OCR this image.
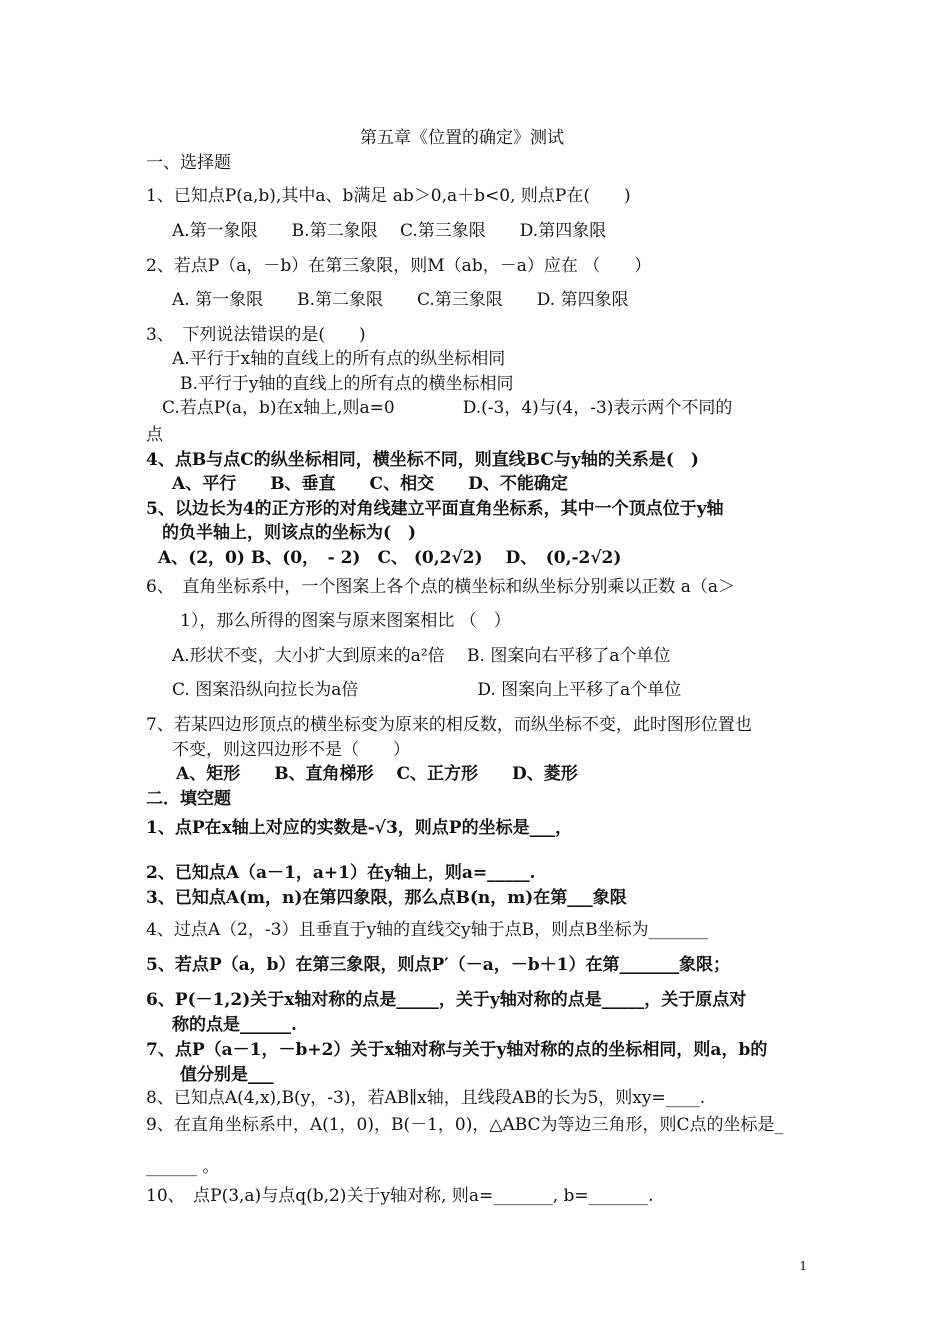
第五章《位置的确定》测试
一、选择题
1、已知点P(a,b),其中a、b满足 ab＞0,a＋b<0, 则点P在(　　)
A.第一象限　　B.第二象限　 C.第三象限　　D.第四象限
2、若点P（a，－b）在第三象限，则M（ab，－a）应在 （　　）
A. 第一象限　　B.第二象限　　C.第三象限　　D. 第四象限
3、　下列说法错误的是(　　)
A.平行于x轴的直线上的所有点的纵坐标相同
B.平行于y轴的直线上的所有点的横坐标相同
C.若点P(a，b)在x轴上,则a=0　　　　D.(-3，4)与(4，-3)表示两个不同的
点
4、点B与点C的纵坐标相同，横坐标不同，则直线BC与y轴的关系是(　)
A、平行　　B、垂直　　C、相交　　D、不能确定
5、以边长为4的正方形的对角线建立平面直角坐标系，其中一个顶点位于y轴
的负半轴上，则该点的坐标为(　)
A、(2，0) B、(0，　- 2)　C、 (0,2√2)　 D、　(0,-2√2)
6、　直角坐标系中，一个图案上各个点的横坐标和纵坐标分别乘以正数 a（a＞
1），那么所得的图案与原来图案相比 （　）
A.形状不变，大小扩大到原来的a²倍　 B. 图案向右平移了a个单位
C. 图案沿纵向拉长为a倍　　　　　　　D. 图案向上平移了a个单位
7、若某四边形顶点的横坐标变为原来的相反数，而纵坐标不变，此时图形位置也
不变，则这四边形不是（　　）
A、矩形　　B、直角梯形　 C、正方形　　D、菱形
二．填空题
1、点P在x轴上对应的实数是-√3，则点P的坐标是___，
2、已知点A（a－1，a+1）在y轴上，则a=_____.
3、已知点A(m，n)在第四象限，那么点B(n，m)在第___象限
4、过点A（2，-3）且垂直于y轴的直线交y轴于点B，则点B坐标为_______
5、若点P（a，b）在第三象限，则点P′（－a，－b＋1）在第_______象限；
6、P(－1,2)关于x轴对称的点是_____，关于y轴对称的点是_____，关于原点对
称的点是______.
7、点P（a－1，－b+2）关于x轴对称与关于y轴对称的点的坐标相同，则a，b的
值分别是___
8、已知点A(4,x),B(y，-3)，若AB∥x轴，且线段AB的长为5，则xy=____.
9、在直角坐标系中，A(1，0)，B(－1，0)，△ABC为等边三角形，则C点的坐标是_
______ 。
10、　点P(3,a)与点q(b,2)关于y轴对称, 则a=_______, b=_______.
1
